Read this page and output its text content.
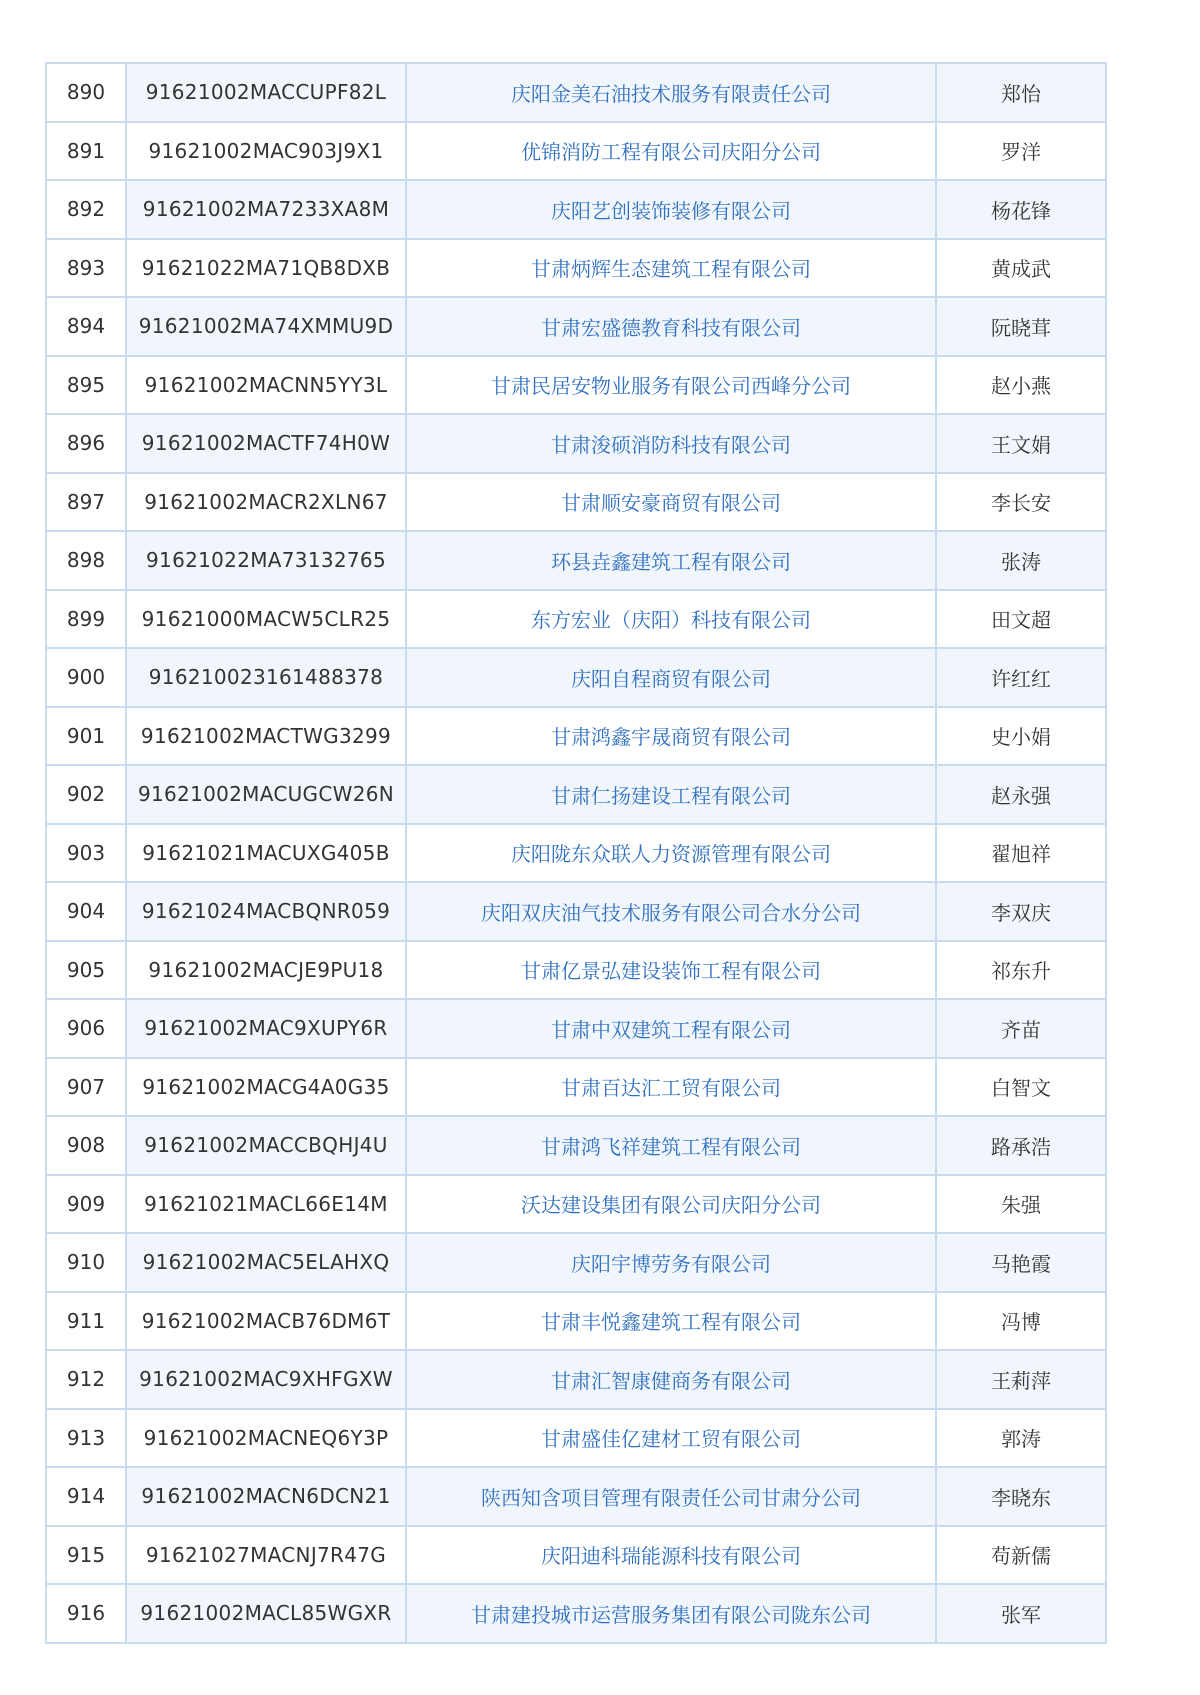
890	91621002MACCUPF82L	庆阳金美石油技术服务有限责任公司	郑怡
891	91621002MAC903J9X1	优锦消防工程有限公司庆阳分公司	罗洋
892	91621002MA7233XA8M	庆阳艺创装饰装修有限公司	杨花锋
893	91621022MA71QB8DXB	甘肃炳辉生态建筑工程有限公司	黄成武
894	91621002MA74XMMU9D	甘肃宏盛德教育科技有限公司	阮晓茸
895	91621002MACNN5YY3L	甘肃民居安物业服务有限公司西峰分公司	赵小燕
896	91621002MACTF74H0W	甘肃浚硕消防科技有限公司	王文娟
897	91621002MACR2XLN67	甘肃顺安豪商贸有限公司	李长安
898	91621022MA73132765	环县垚鑫建筑工程有限公司	张涛
899	91621000MACW5CLR25	东方宏业（庆阳）科技有限公司	田文超
900	916210023161488378	庆阳自程商贸有限公司	许红红
901	91621002MACTWG3299	甘肃鸿鑫宇晟商贸有限公司	史小娟
902	91621002MACUGCW26N	甘肃仁扬建设工程有限公司	赵永强
903	91621021MACUXG405B	庆阳陇东众联人力资源管理有限公司	翟旭祥
904	91621024MACBQNR059	庆阳双庆油气技术服务有限公司合水分公司	李双庆
905	91621002MACJE9PU18	甘肃亿景弘建设装饰工程有限公司	祁东升
906	91621002MAC9XUPY6R	甘肃中双建筑工程有限公司	齐苗
907	91621002MACG4A0G35	甘肃百达汇工贸有限公司	白智文
908	91621002MACCBQHJ4U	甘肃鸿飞祥建筑工程有限公司	路承浩
909	91621021MACL66E14M	沃达建设集团有限公司庆阳分公司	朱强
910	91621002MAC5ELAHXQ	庆阳宇博劳务有限公司	马艳霞
911	91621002MACB76DM6T	甘肃丰悦鑫建筑工程有限公司	冯博
912	91621002MAC9XHFGXW	甘肃汇智康健商务有限公司	王莉萍
913	91621002MACNEQ6Y3P	甘肃盛佳亿建材工贸有限公司	郭涛
914	91621002MACN6DCN21	陕西知含项目管理有限责任公司甘肃分公司	李晓东
915	91621027MACNJ7R47G	庆阳迪科瑞能源科技有限公司	苟新儒
916	91621002MACL85WGXR	甘肃建投城市运营服务集团有限公司陇东公司	张军
